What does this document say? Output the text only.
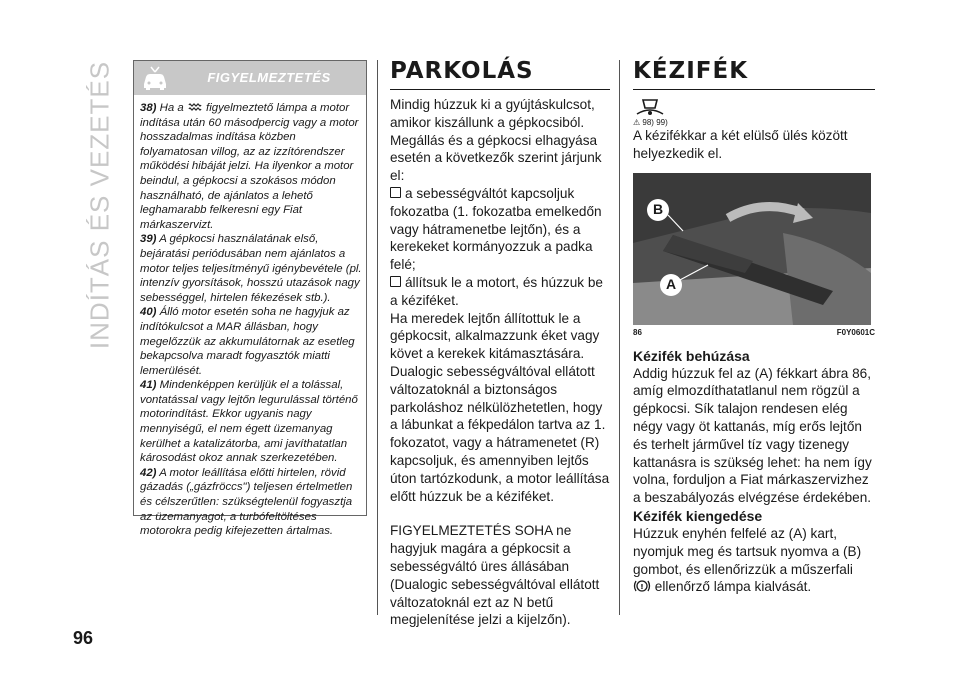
INDÍTÁS ÉS VEZETÉS	FIGYELMEZTETÉS

38) Ha a figyelmeztető lámpa a motor indítása után 60 másodpercig vagy a motor hosszadalmas indítása közben folyamatosan villog, az az izzítórendszer működési hibáját jelzi. Ha ilyenkor a motor beindul, a gépkocsi a szokásos módon használható, de ajánlatos a lehető leghamarabb felkeresni egy Fiat márkaszervizt.

39) A gépkocsi használatának első, bejáratási periódusában nem ajánlatos a motor teljes teljesítményű igénybevétele (pl. intenzív gyorsítások, hosszú utazások nagy sebességgel, hirtelen fékezések stb.).

40) Álló motor esetén soha ne hagyjuk az indítókulcsot a MAR állásban, hogy megelőzzük az akkumulátornak az esetleg bekapcsolva maradt fogyasztók miatti lemerülését.

41) Mindenképpen kerüljük el a tolással, vontatással vagy lejtőn legurulással történő motorindítást. Ekkor ugyanis nagy mennyiségű, el nem égett üzemanyag kerülhet a katalizátorba, ami javíthatatlan károsodást okoz annak szerkezetében.

42) A motor leállítása előtti hirtelen, rövid gázadás („gázfröccs") teljesen értelmetlen és célszerűtlen: szükségtelenül fogyasztja az üzemanyagot, a turbófeltöltéses motorokra pedig kifejezetten ártalmas.

PARKOLÁS

Mindig húzzuk ki a gyújtáskulcsot, amikor kiszállunk a gépkocsiból. Megállás és a gépkocsi elhagyása esetén a következők szerint járjunk el:

a sebességváltót kapcsoljuk fokozatba (1. fokozatba emelkedőn vagy hátramenetbe lejtőn), és a kerekeket kormányozzuk a padka felé;

állítsuk le a motort, és húzzuk be a kéziféket.

Ha meredek lejtőn állítottuk le a gépkocsit, alkalmazzunk éket vagy követ a kerekek kitámasztására. Dualogic sebességváltóval ellátott változatoknál a biztonságos parkoláshoz nélkülözhetetlen, hogy a lábunkat a fékpedálon tartva az 1. fokozatot, vagy a hátramenetet (R) kapcsoljuk, és amennyiben lejtős úton tartózkodunk, a motor leállítása előtt húzzuk be a kéziféket.

FIGYELMEZTETÉS SOHA ne hagyjuk magára a gépkocsit a sebességváltó üres állásában (Dualogic sebességváltóval ellátott változatoknál ezt az N betű megjelenítése jelzi a kijelzőn).

KÉZIFÉK
⚠ 98) 99)

A kézifékkar a két elülső ülés között helyezkedik el.

B
A
86	F0Y0601C

Kézifék behúzása

Addig húzzuk fel az (A) fékkart ábra 86, amíg elmozdíthatatlanul nem rögzül a gépkocsi. Sík talajon rendesen elég négy vagy öt kattanás, míg erős lejtőn és terhelt járművel tíz vagy tizenegy kattanásra is szükség lehet: ha nem így volna, forduljon a Fiat márkaszervizhez a beszabályozás elvégzése érdekében.

Kézifék kiengedése

Húzzuk enyhén felfelé az (A) kart, nyomjuk meg és tartsuk nyomva a (B) gombot, és ellenőrizzük a műszerfali

! ellenőrző lámpa kialvását.

96
